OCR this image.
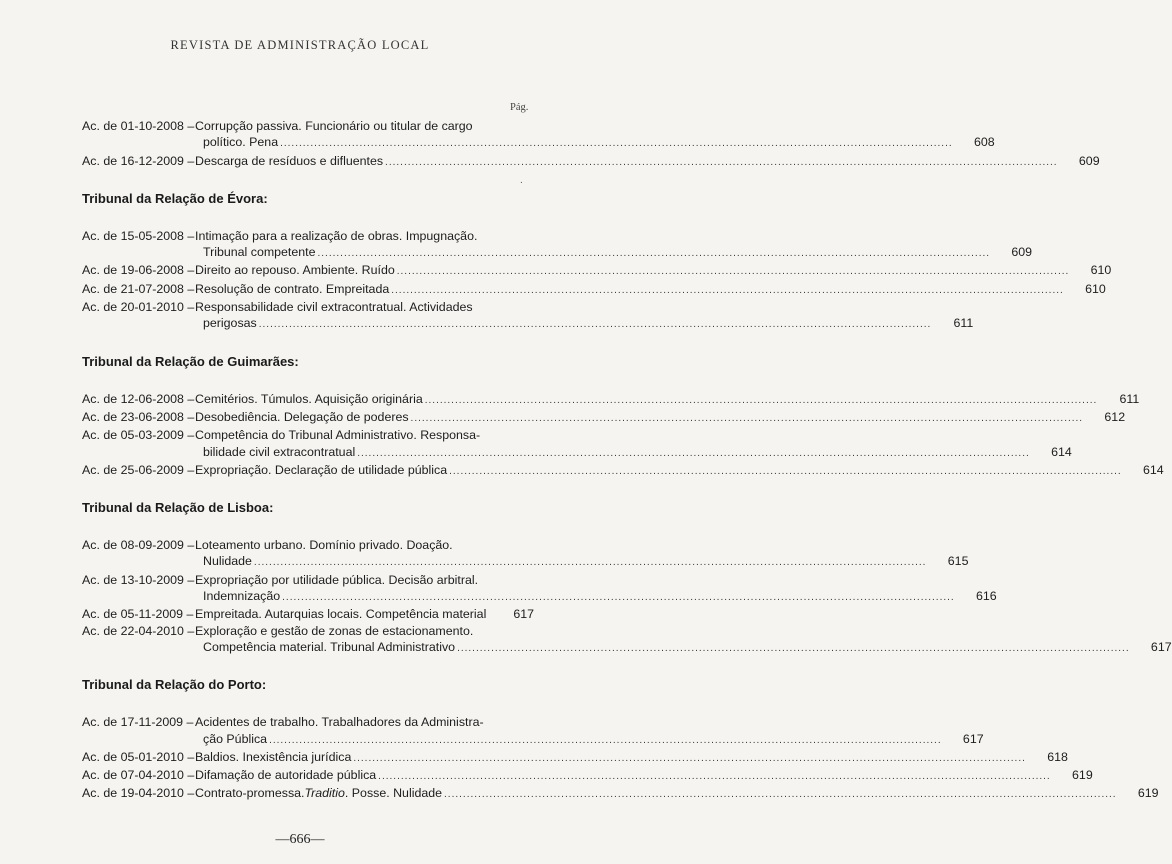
REVISTA DE ADMINISTRAÇÃO LOCAL
Pág.
.
Ac. de 01-10-2008 – Corrupção passiva. Funcionário ou titular de cargo
político. Pena .....	608
Ac. de 16-12-2009 – Descarga de resíduos e difluentes .....	609
Tribunal da Relação de Évora:
Ac. de 15-05-2008 – Intimação para a realização de obras. Impugnação.
Tribunal competente .....	609
Ac. de 19-06-2008 – Direito ao repouso. Ambiente. Ruído .....	610
Ac. de 21-07-2008 – Resolução de contrato. Empreitada .....	610
Ac. de 20-01-2010 – Responsabilidade civil extracontratual. Actividades
perigosas .....	611
Tribunal da Relação de Guimarães:
Ac. de 12-06-2008 – Cemitérios. Túmulos. Aquisição originária .....	611
Ac. de 23-06-2008 – Desobediência. Delegação de poderes .....	612
Ac. de 05-03-2009 – Competência do Tribunal Administrativo. Responsa-
bilidade civil extracontratual .....	614
Ac. de 25-06-2009 – Expropriação. Declaração de utilidade pública .....	614
Tribunal da Relação de Lisboa:
Ac. de 08-09-2009 – Loteamento urbano. Domínio privado. Doação.
Nulidade .....	615
Ac. de 13-10-2009 – Expropriação por utilidade pública. Decisão arbitral.
Indemnização .....	616
Ac. de 05-11-2009 – Empreitada. Autarquias locais. Competência material	617
Ac. de 22-04-2010 – Exploração e gestão de zonas de estacionamento.
Competência material. Tribunal Administrativo .....	617
Tribunal da Relação do Porto:
Ac. de 17-11-2009 – Acidentes de trabalho. Trabalhadores da Administra-
ção Pública .....	617
Ac. de 05-01-2010 – Baldios. Inexistência jurídica .....	618
Ac. de 07-04-2010 – Difamação de autoridade pública .....	619
Ac. de 19-04-2010 – Contrato-promessa. Traditio . Posse. Nulidade .....	619
—666—
